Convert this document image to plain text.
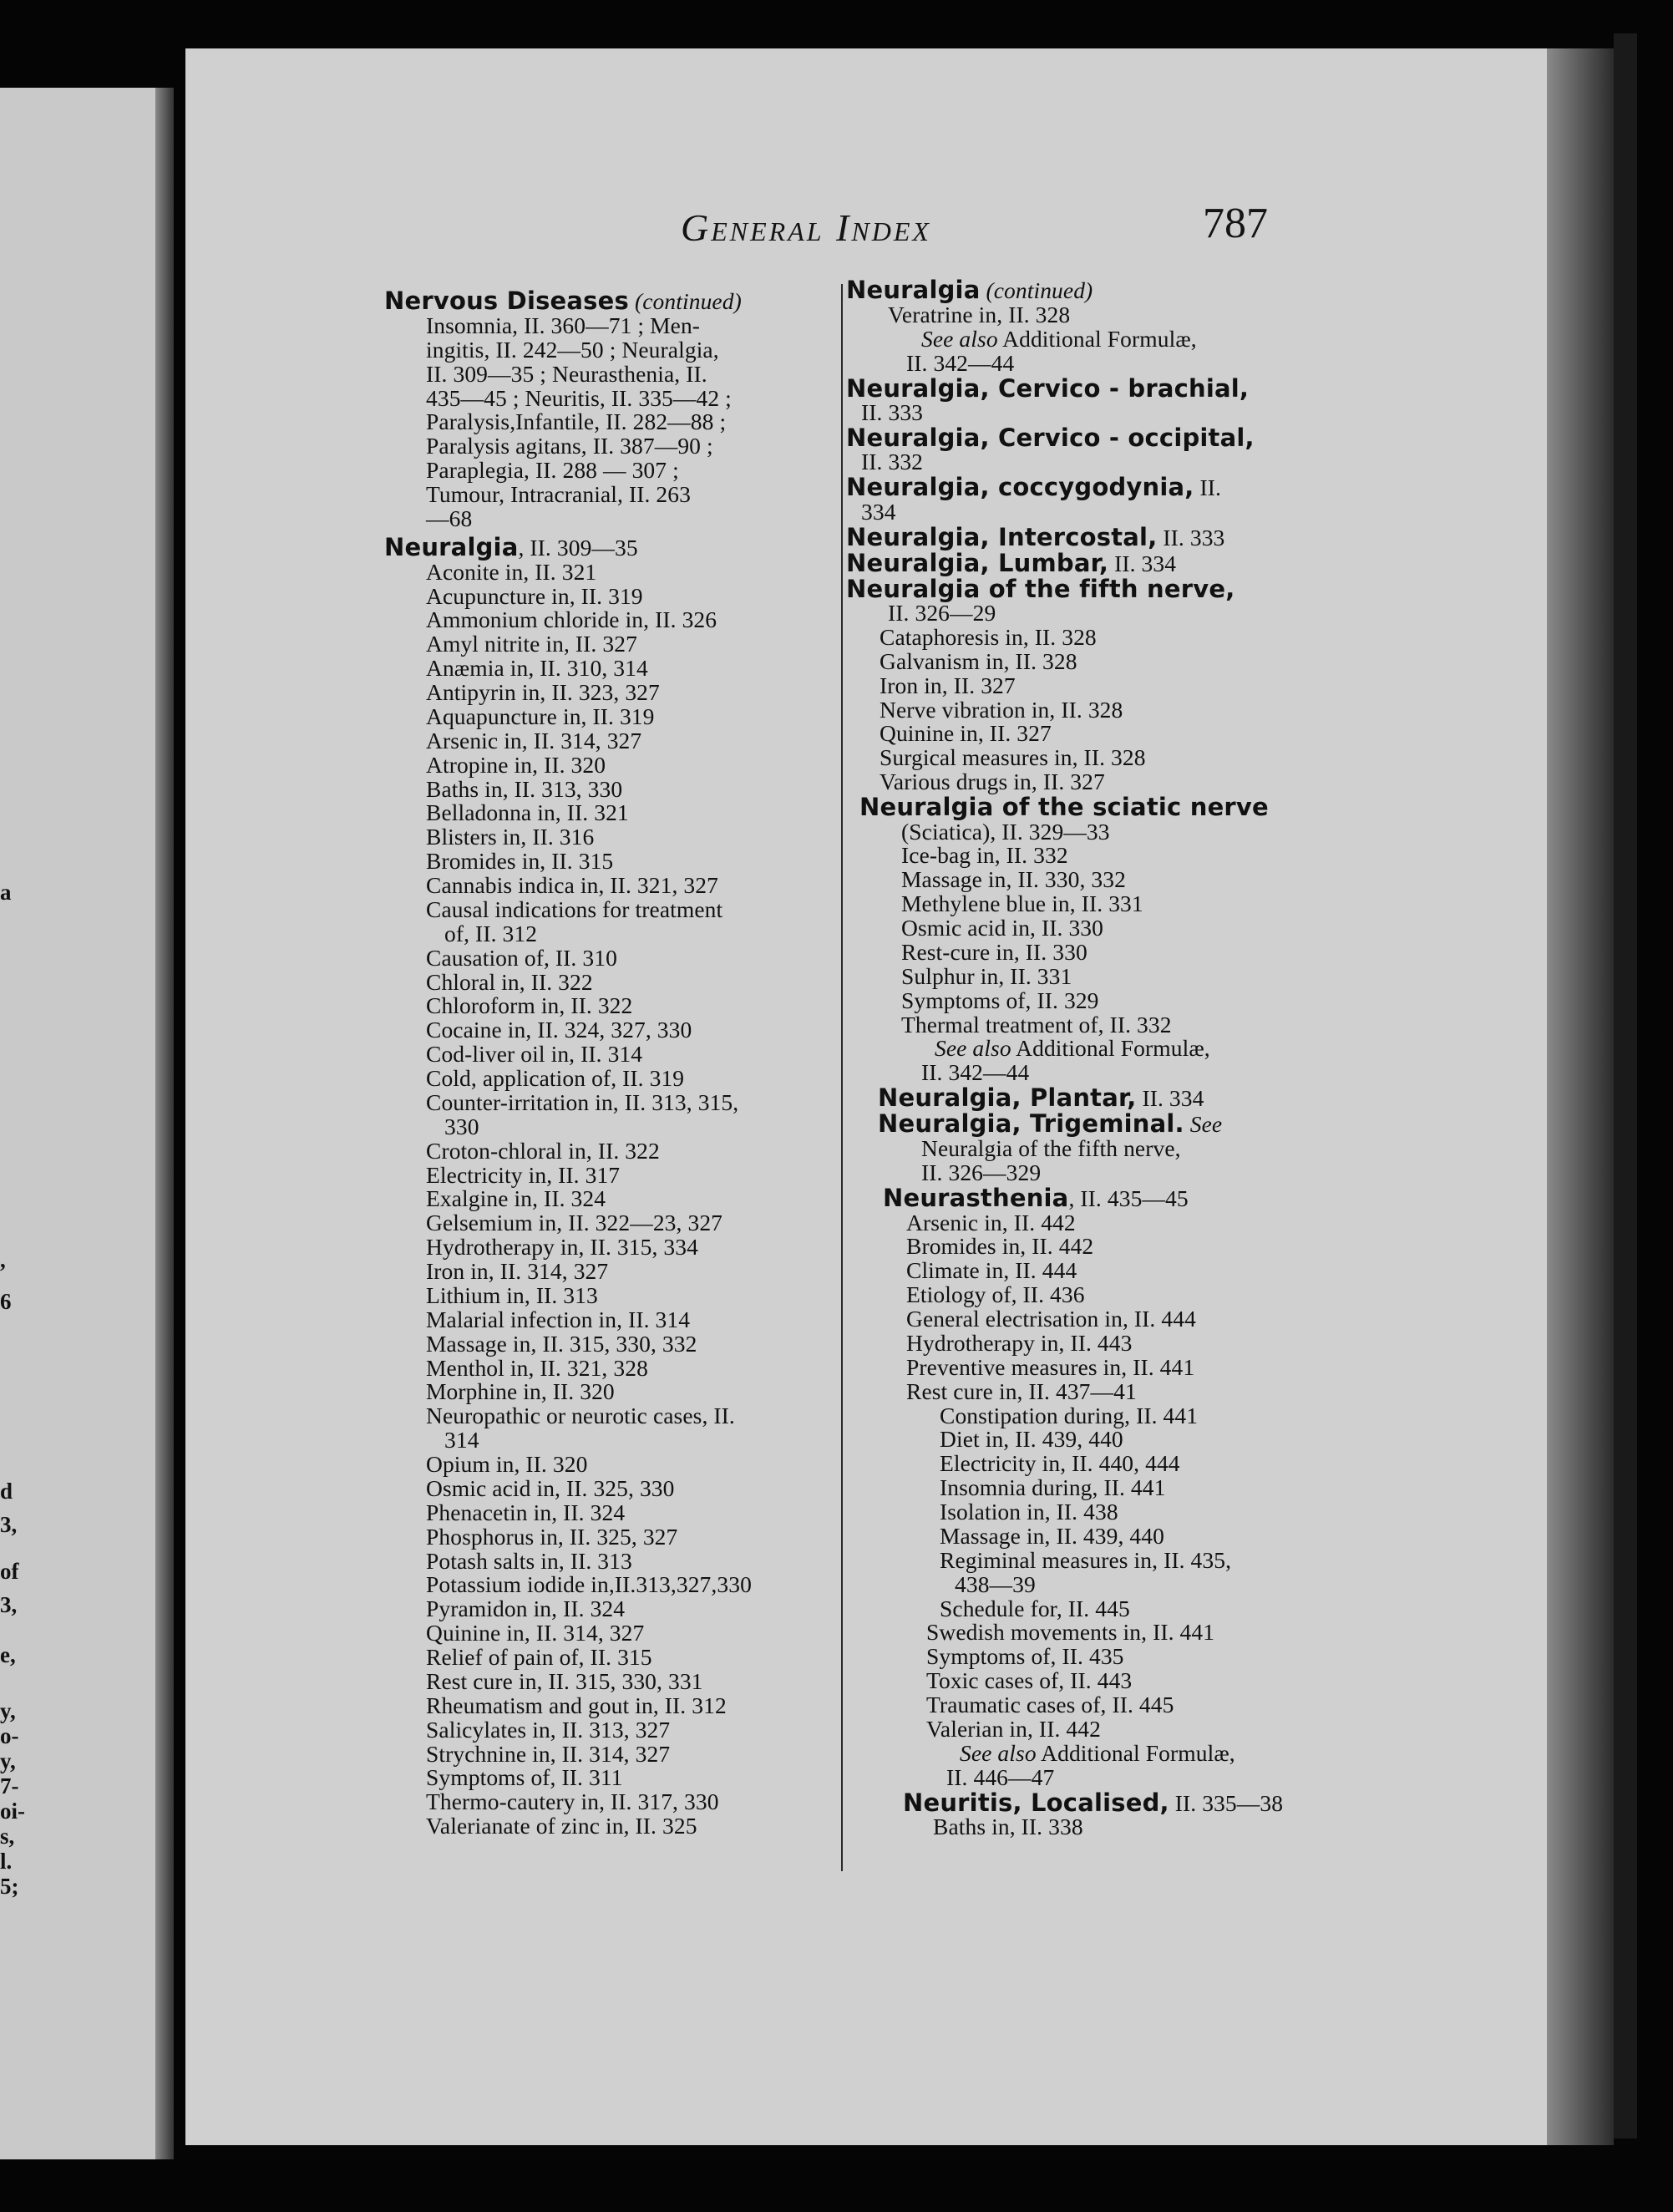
a
,
6
d
3,
of
3,
e,
y,
o-
y,
7-
oi-
s,
l.
5;
General Index	787
Nervous Diseases (continued)
Insomnia, II. 360—71 ; Men-
ingitis, II. 242—50 ; Neuralgia,
II. 309—35 ; Neurasthenia, II.
435—45 ; Neuritis, II. 335—42 ;
Paralysis,Infantile, II. 282—88 ;
Paralysis agitans, II. 387—90 ;
Paraplegia, II. 288 — 307 ;
Tumour, Intracranial, II. 263
—68
Neuralgia, II. 309—35
Aconite in, II. 321
Acupuncture in, II. 319
Ammonium chloride in, II. 326
Amyl nitrite in, II. 327
Anæmia in, II. 310, 314
Antipyrin in, II. 323, 327
Aquapuncture in, II. 319
Arsenic in, II. 314, 327
Atropine in, II. 320
Baths in, II. 313, 330
Belladonna in, II. 321
Blisters in, II. 316
Bromides in, II. 315
Cannabis indica in, II. 321, 327
Causal indications for treatment
of, II. 312
Causation of, II. 310
Chloral in, II. 322
Chloroform in, II. 322
Cocaine in, II. 324, 327, 330
Cod-liver oil in, II. 314
Cold, application of, II. 319
Counter-irritation in, II. 313, 315,
330
Croton-chloral in, II. 322
Electricity in, II. 317
Exalgine in, II. 324
Gelsemium in, II. 322—23, 327
Hydrotherapy in, II. 315, 334
Iron in, II. 314, 327
Lithium in, II. 313
Malarial infection in, II. 314
Massage in, II. 315, 330, 332
Menthol in, II. 321, 328
Morphine in, II. 320
Neuropathic or neurotic cases, II.
314
Opium in, II. 320
Osmic acid in, II. 325, 330
Phenacetin in, II. 324
Phosphorus in, II. 325, 327
Potash salts in, II. 313
Potassium iodide in,II.313,327,330
Pyramidon in, II. 324
Quinine in, II. 314, 327
Relief of pain of, II. 315
Rest cure in, II. 315, 330, 331
Rheumatism and gout in, II. 312
Salicylates in, II. 313, 327
Strychnine in, II. 314, 327
Symptoms of, II. 311
Thermo-cautery in, II. 317, 330
Valerianate of zinc in, II. 325
Neuralgia (continued)
Veratrine in, II. 328
See also Additional Formulæ,
II. 342—44
Neuralgia, Cervico - brachial,
II. 333
Neuralgia, Cervico - occipital,
II. 332
Neuralgia, coccygodynia, II.
334
Neuralgia, Intercostal, II. 333
Neuralgia, Lumbar, II. 334
Neuralgia of the fifth nerve,
II. 326—29
Cataphoresis in, II. 328
Galvanism in, II. 328
Iron in, II. 327
Nerve vibration in, II. 328
Quinine in, II. 327
Surgical measures in, II. 328
Various drugs in, II. 327
Neuralgia of the sciatic nerve
(Sciatica), II. 329—33
Ice-bag in, II. 332
Massage in, II. 330, 332
Methylene blue in, II. 331
Osmic acid in, II. 330
Rest-cure in, II. 330
Sulphur in, II. 331
Symptoms of, II. 329
Thermal treatment of, II. 332
See also Additional Formulæ,
II. 342—44
Neuralgia, Plantar, II. 334
Neuralgia, Trigeminal. See
Neuralgia of the fifth nerve,
II. 326—329
Neurasthenia, II. 435—45
Arsenic in, II. 442
Bromides in, II. 442
Climate in, II. 444
Etiology of, II. 436
General electrisation in, II. 444
Hydrotherapy in, II. 443
Preventive measures in, II. 441
Rest cure in, II. 437—41
Constipation during, II. 441
Diet in, II. 439, 440
Electricity in, II. 440, 444
Insomnia during, II. 441
Isolation in, II. 438
Massage in, II. 439, 440
Regiminal measures in, II. 435,
438—39
Schedule for, II. 445
Swedish movements in, II. 441
Symptoms of, II. 435
Toxic cases of, II. 443
Traumatic cases of, II. 445
Valerian in, II. 442
See also Additional Formulæ,
II. 446—47
Neuritis, Localised, II. 335—38
Baths in, II. 338
